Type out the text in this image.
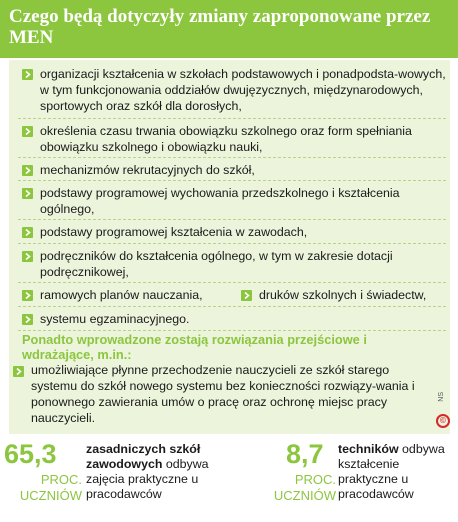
Czego będą dotyczyły zmiany zaproponowane przez MEN
organizacji kształcenia w szkołach podstawowych i ponadpodsta-wowych, w tym funkcjonowania oddziałów dwujęzycznych, międzynarodowych, sportowych oraz szkół dla dorosłych,
określenia czasu trwania obowiązku szkolnego oraz form spełniania obowiązku szkolnego i obowiązku nauki,
mechanizmów rekrutacyjnych do szkół,
podstawy programowej wychowania przedszkolnego i kształcenia ogólnego,
podstawy programowej kształcenia w zawodach,
podręczników do kształcenia ogólnego, w tym w zakresie dotacji podręcznikowej,
ramowych planów nauczania,	druków szkolnych i świadectw,
systemu egzaminacyjnego.
Ponadto wprowadzone zostają rozwiązania przejściowe i wdrażające, m.in.:
umożliwiające płynne przechodzenie nauczycieli ze szkół starego systemu do szkół nowego systemu bez konieczności rozwiązy-wania i ponownego zawierania umów o pracę oraz ochronę miejsc pracy nauczycieli.
NS
©
65,3
PROC.
UCZNIÓW
zasadniczych szkół zawodowych odbywa zajęcia praktyczne u pracodawców
8,7
PROC.
UCZNIÓW
techników odbywa kształcenie praktyczne u pracodawców
